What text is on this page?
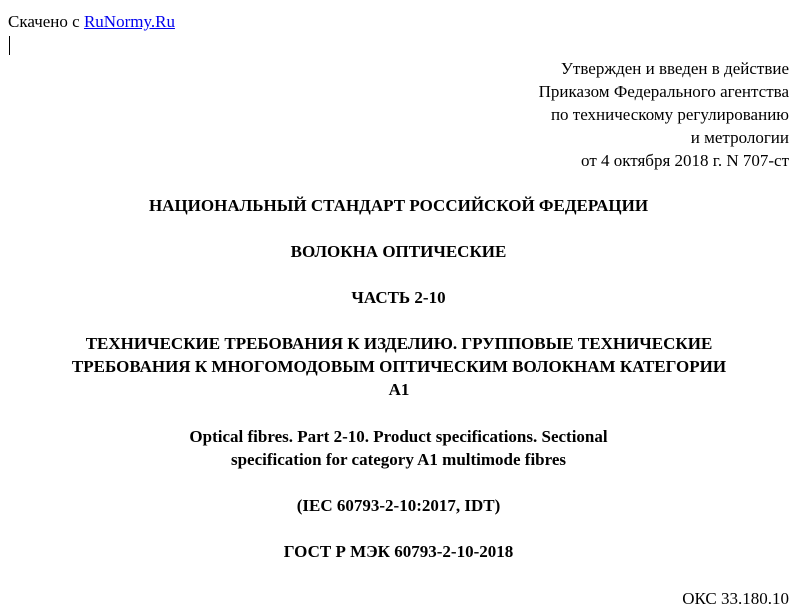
Скачено с RuNormy.Ru
Утвержден и введен в действие
Приказом Федерального агентства
по техническому регулированию
и метрологии
от 4 октября 2018 г. N 707-ст
НАЦИОНАЛЬНЫЙ СТАНДАРТ РОССИЙСКОЙ ФЕДЕРАЦИИ
ВОЛОКНА ОПТИЧЕСКИЕ
ЧАСТЬ 2-10
ТЕХНИЧЕСКИЕ ТРЕБОВАНИЯ К ИЗДЕЛИЮ. ГРУППОВЫЕ ТЕХНИЧЕСКИЕ
ТРЕБОВАНИЯ К МНОГОМОДОВЫМ ОПТИЧЕСКИМ ВОЛОКНАМ КАТЕГОРИИ
А1
Optical fibres. Part 2-10. Product specifications. Sectional
specification for category A1 multimode fibres
(IEC 60793-2-10:2017, IDT)
ГОСТ Р МЭК 60793-2-10-2018
ОКС 33.180.10
